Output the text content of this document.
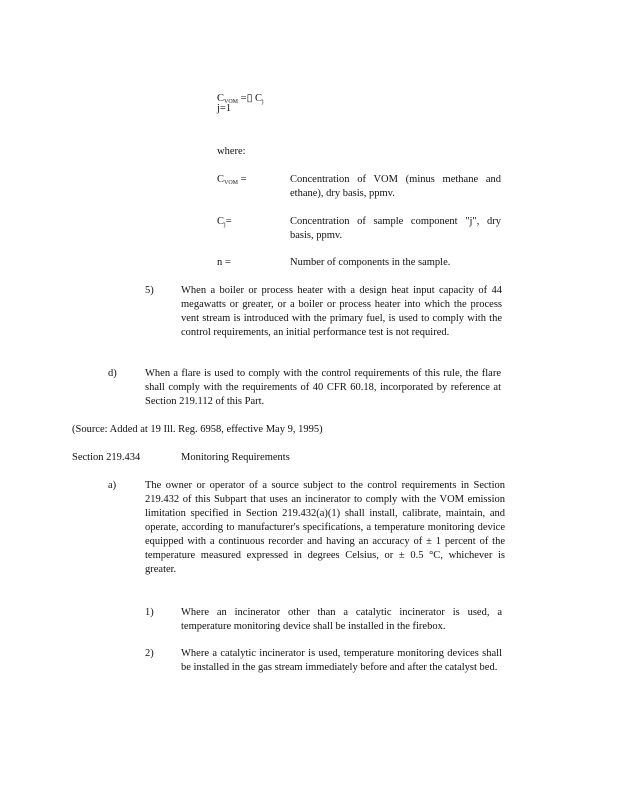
$C_{VOM}$ =▯ $C_j$
j=1
where:
$C_{VOM}$ =	Concentration of VOM (minus methane and ethane), dry basis, ppmv.
$C_j=$	Concentration of sample component "j", dry basis, ppmv.
n =	Number of components in the sample.
5)	When a boiler or process heater with a design heat input capacity of 44 megawatts or greater, or a boiler or process heater into which the process vent stream is introduced with the primary fuel, is used to comply with the control requirements, an initial performance test is not required.
d)	When a flare is used to comply with the control requirements of this rule, the flare shall comply with the requirements of 40 CFR 60.18, incorporated by reference at Section 219.112 of this Part.
(Source: Added at 19 Ill. Reg. 6958, effective May 9, 1995)
Section 219.434	Monitoring Requirements
a)	The owner or operator of a source subject to the control requirements in Section 219.432 of this Subpart that uses an incinerator to comply with the VOM emission limitation specified in Section 219.432(a)(1) shall install, calibrate, maintain, and operate, according to manufacturer's specifications, a temperature monitoring device equipped with a continuous recorder and having an accuracy of ± 1 percent of the temperature measured expressed in degrees Celsius, or ± 0.5 °C, whichever is greater.
1)	Where an incinerator other than a catalytic incinerator is used, a temperature monitoring device shall be installed in the firebox.
2)	Where a catalytic incinerator is used, temperature monitoring devices shall be installed in the gas stream immediately before and after the catalyst bed.
